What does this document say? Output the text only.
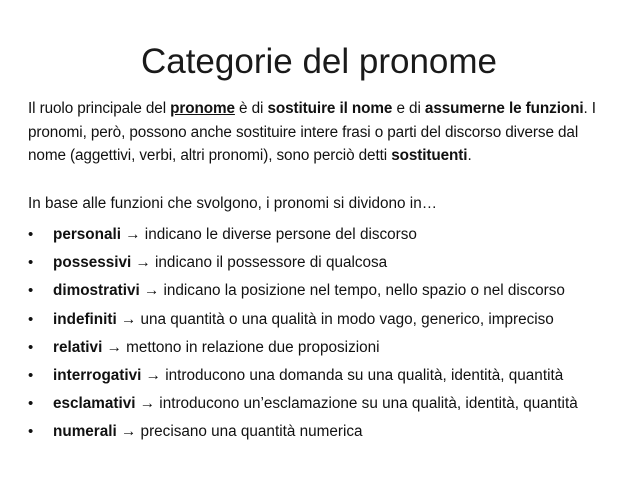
Categorie del pronome
Il ruolo principale del pronome è di sostituire il nome e di assumerne le funzioni. I pronomi, però, possono anche sostituire intere frasi o parti del discorso diverse dal nome (aggettivi, verbi, altri pronomi), sono perciò detti sostituenti.
In base alle funzioni che svolgono, i pronomi si dividono in…
•	personali → indicano le diverse persone del discorso
•	possessivi → indicano il possessore di qualcosa
•	dimostrativi → indicano la posizione nel tempo, nello spazio o nel discorso
•	indefiniti → una quantità o una qualità in modo vago, generico, impreciso
•	relativi → mettono in relazione due proposizioni
•	interrogativi → introducono una domanda su una qualità, identità, quantità
•	esclamativi → introducono un’esclamazione su una qualità, identità, quantità
•	numerali → precisano una quantità numerica
